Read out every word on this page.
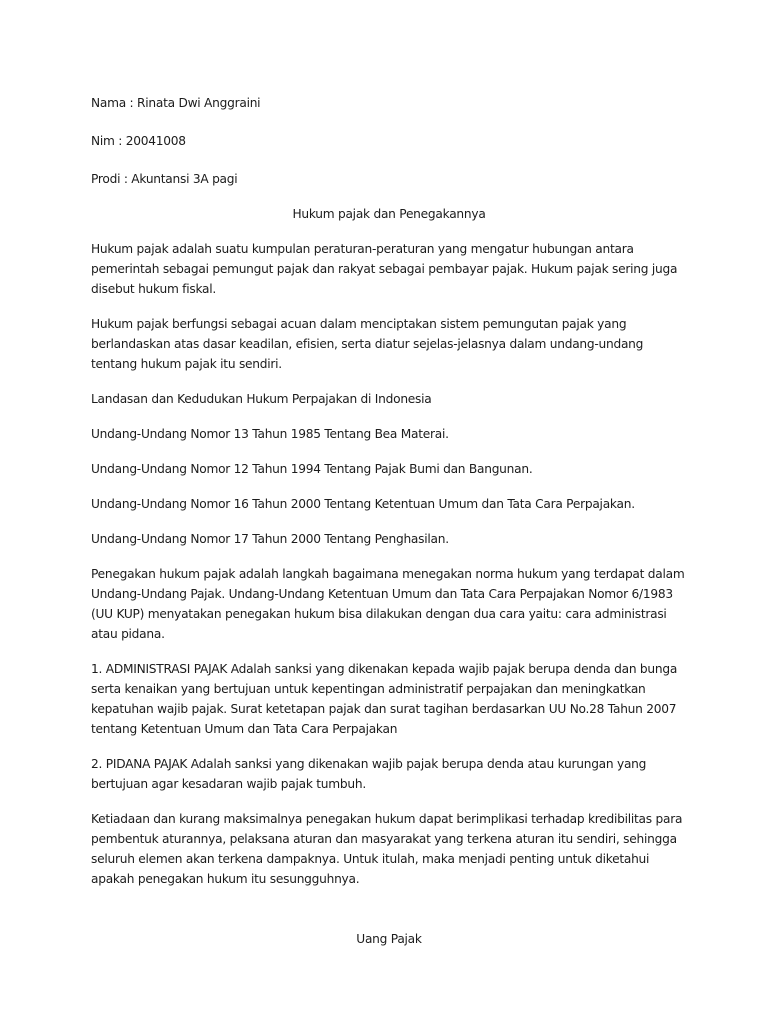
Nama : Rinata Dwi Anggraini

Nim : 20041008

Prodi : Akuntansi 3A pagi

Hukum pajak dan Penegakannya

Hukum pajak adalah suatu kumpulan peraturan-peraturan yang mengatur hubungan antara pemerintah sebagai pemungut pajak dan rakyat sebagai pembayar pajak. Hukum pajak sering juga disebut hukum fiskal.

Hukum pajak berfungsi sebagai acuan dalam menciptakan sistem pemungutan pajak yang berlandaskan atas dasar keadilan, efisien, serta diatur sejelas-jelasnya dalam undang-undang tentang hukum pajak itu sendiri.

Landasan dan Kedudukan Hukum Perpajakan di Indonesia

Undang-Undang Nomor 13 Tahun 1985 Tentang Bea Materai.

Undang-Undang Nomor 12 Tahun 1994 Tentang Pajak Bumi dan Bangunan.

Undang-Undang Nomor 16 Tahun 2000 Tentang Ketentuan Umum dan Tata Cara Perpajakan.

Undang-Undang Nomor 17 Tahun 2000 Tentang Penghasilan.

Penegakan hukum pajak adalah langkah bagaimana menegakan norma hukum yang terdapat dalam Undang-Undang Pajak. Undang-Undang Ketentuan Umum dan Tata Cara Perpajakan Nomor 6/1983 (UU KUP) menyatakan penegakan hukum bisa dilakukan dengan dua cara yaitu: cara administrasi atau pidana.

1. ADMINISTRASI PAJAK Adalah sanksi yang dikenakan kepada wajib pajak berupa denda dan bunga serta kenaikan yang bertujuan untuk kepentingan administratif perpajakan dan meningkatkan kepatuhan wajib pajak. Surat ketetapan pajak dan surat tagihan berdasarkan UU No.28 Tahun 2007 tentang Ketentuan Umum dan Tata Cara Perpajakan

2. PIDANA PAJAK Adalah sanksi yang dikenakan wajib pajak berupa denda atau kurungan yang bertujuan agar kesadaran wajib pajak tumbuh.

Ketiadaan dan kurang maksimalnya penegakan hukum dapat berimplikasi terhadap kredibilitas para pembentuk aturannya, pelaksana aturan dan masyarakat yang terkena aturan itu sendiri, sehingga seluruh elemen akan terkena dampaknya. Untuk itulah, maka menjadi penting untuk diketahui apakah penegakan hukum itu sesungguhnya.

Uang Pajak
